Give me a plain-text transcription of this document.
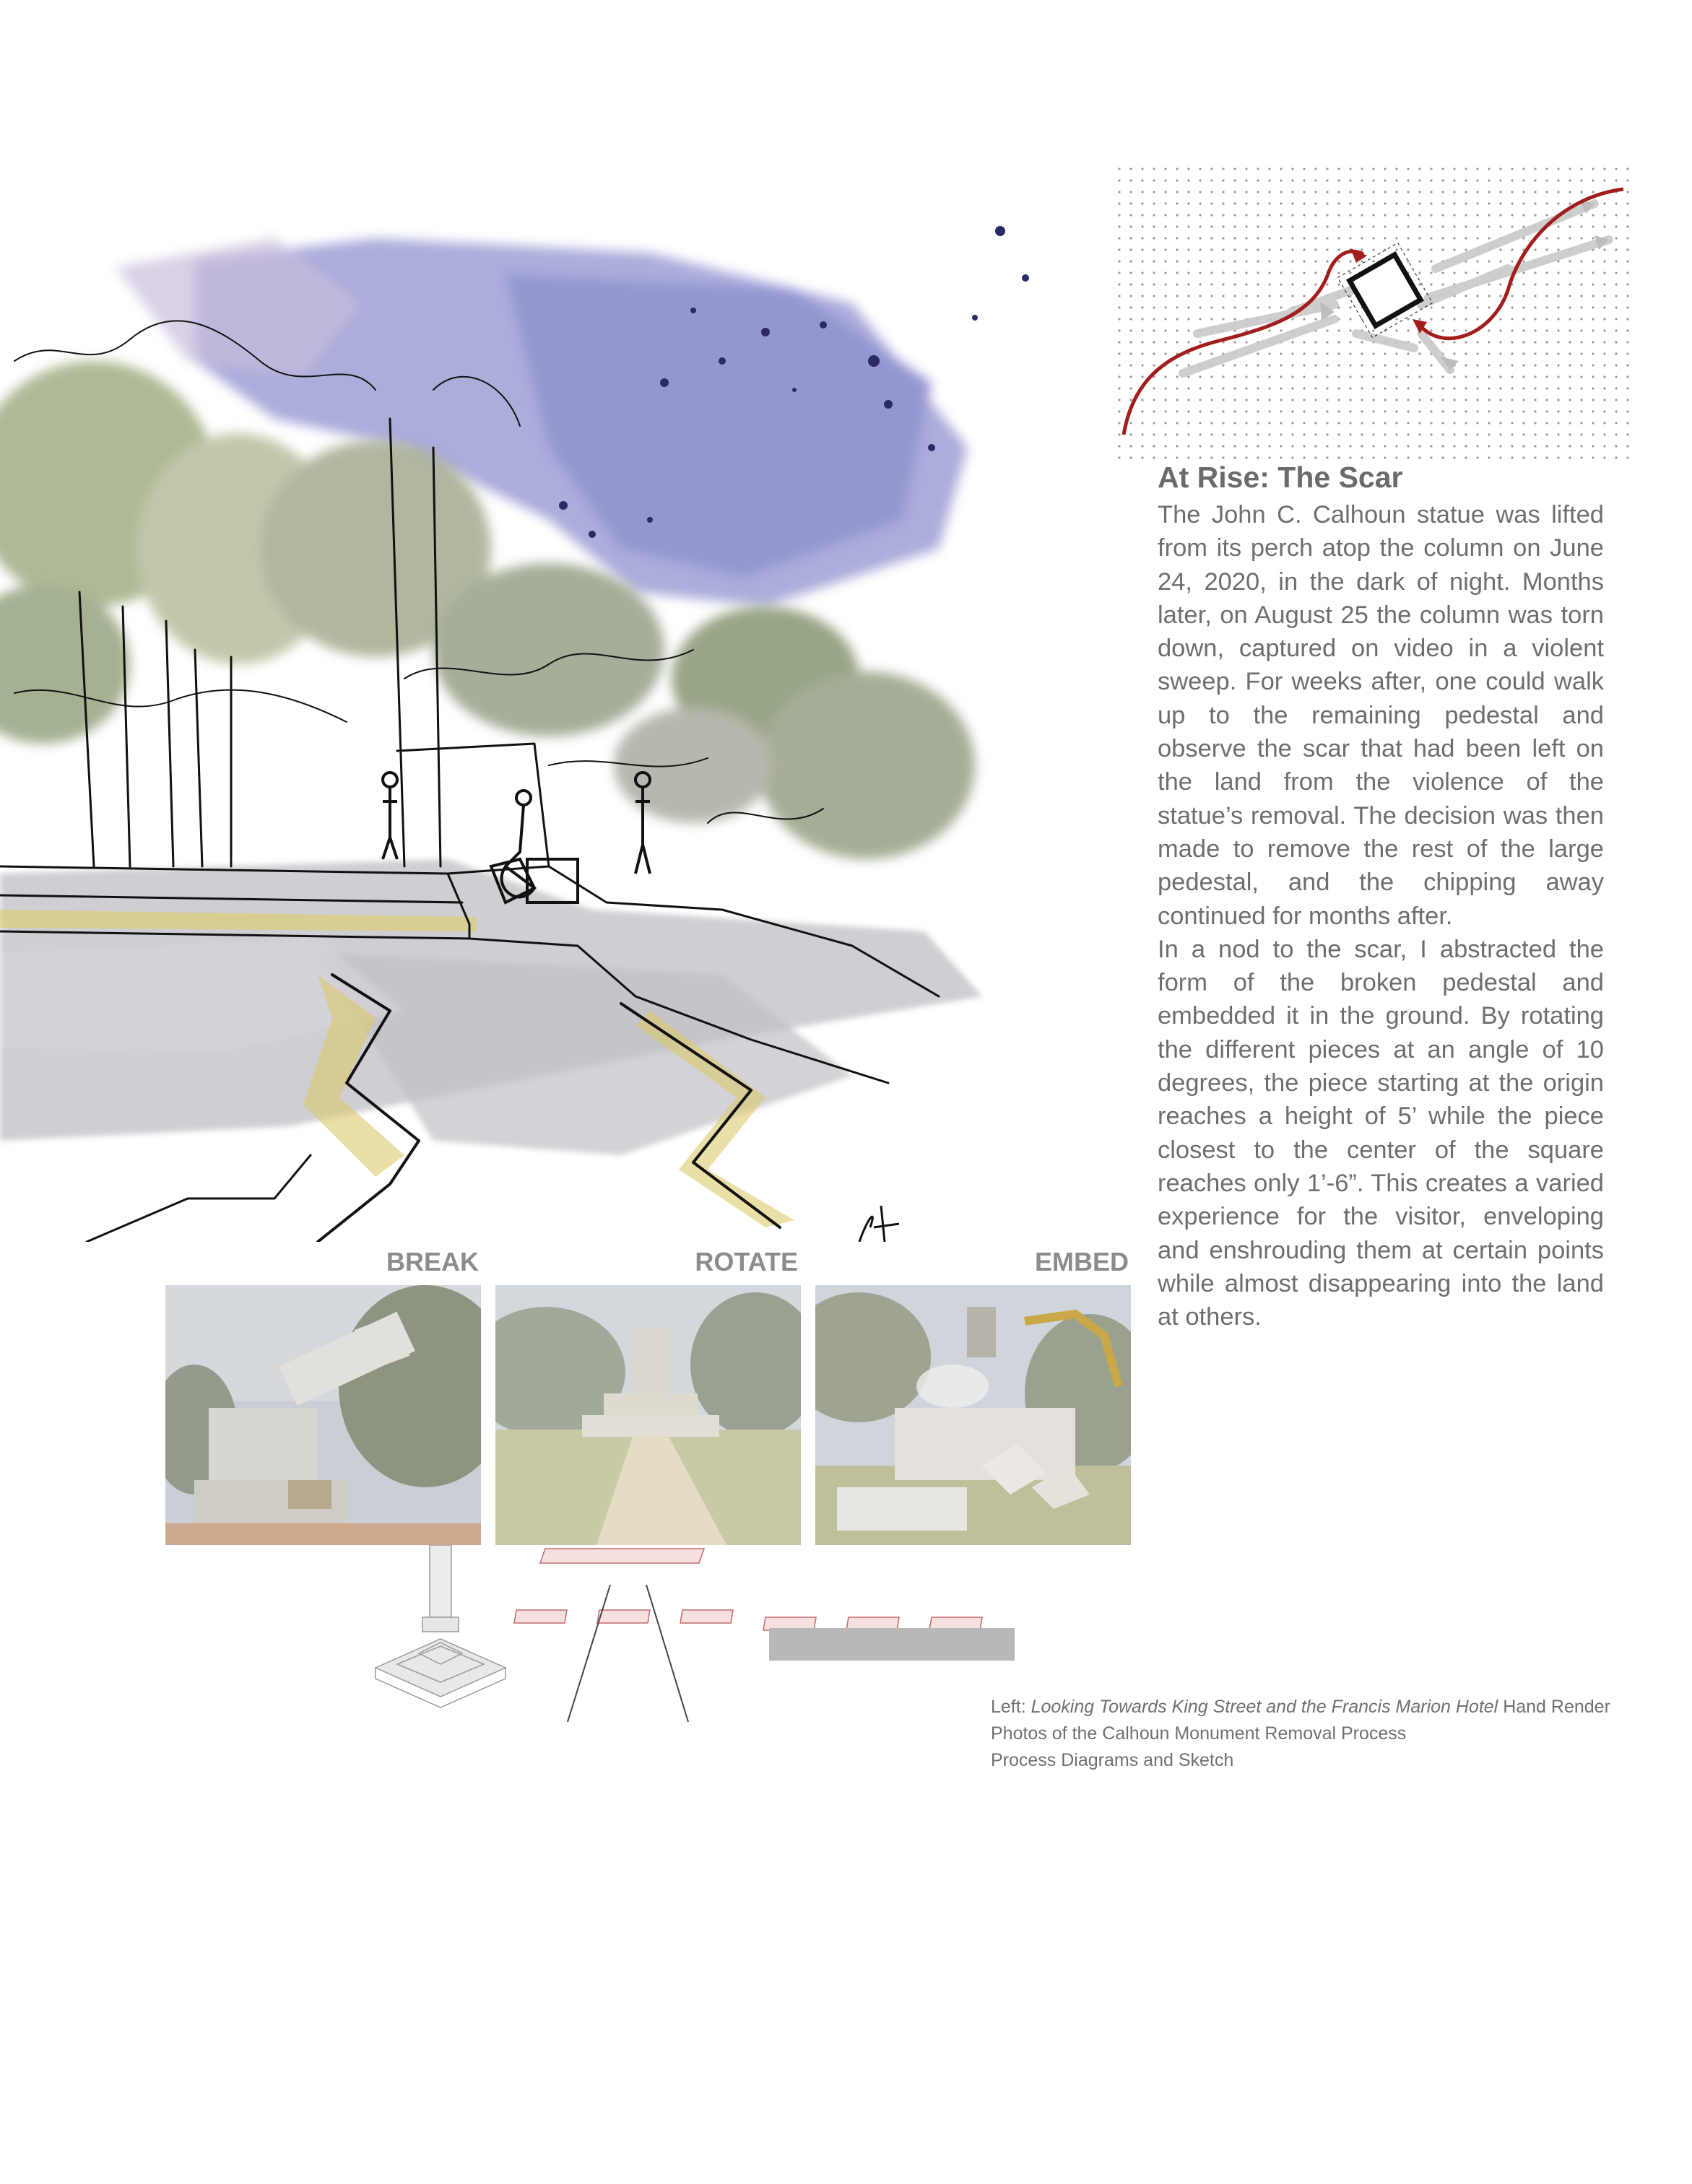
At Rise: The Scar

The John C. Calhoun statue was lifted from its perch atop the column on June 24, 2020, in the dark of night. Months later, on August 25 the column was torn down, captured on video in a violent sweep. For weeks after, one could walk up to the remaining pedestal and observe the scar that had been left on the land from the violence of the statue’s removal. The decision was then made to remove the rest of the large pedestal, and the chipping away continued for months after.

In a nod to the scar, I abstracted the form of the broken pedestal and embedded it in the ground. By rotating the different pieces at an angle of 10 degrees, the piece starting at the origin reaches a height of 5’ while the piece closest to the center of the square reaches only 1’-6”. This creates a varied experience for the visitor, enveloping and enshrouding them at certain points while almost disappearing into the land at others.

BREAK	ROTATE	EMBED
Left: Looking Towards King Street and the Francis Marion Hotel Hand Render
Photos of the Calhoun Monument Removal Process
Process Diagrams and Sketch
